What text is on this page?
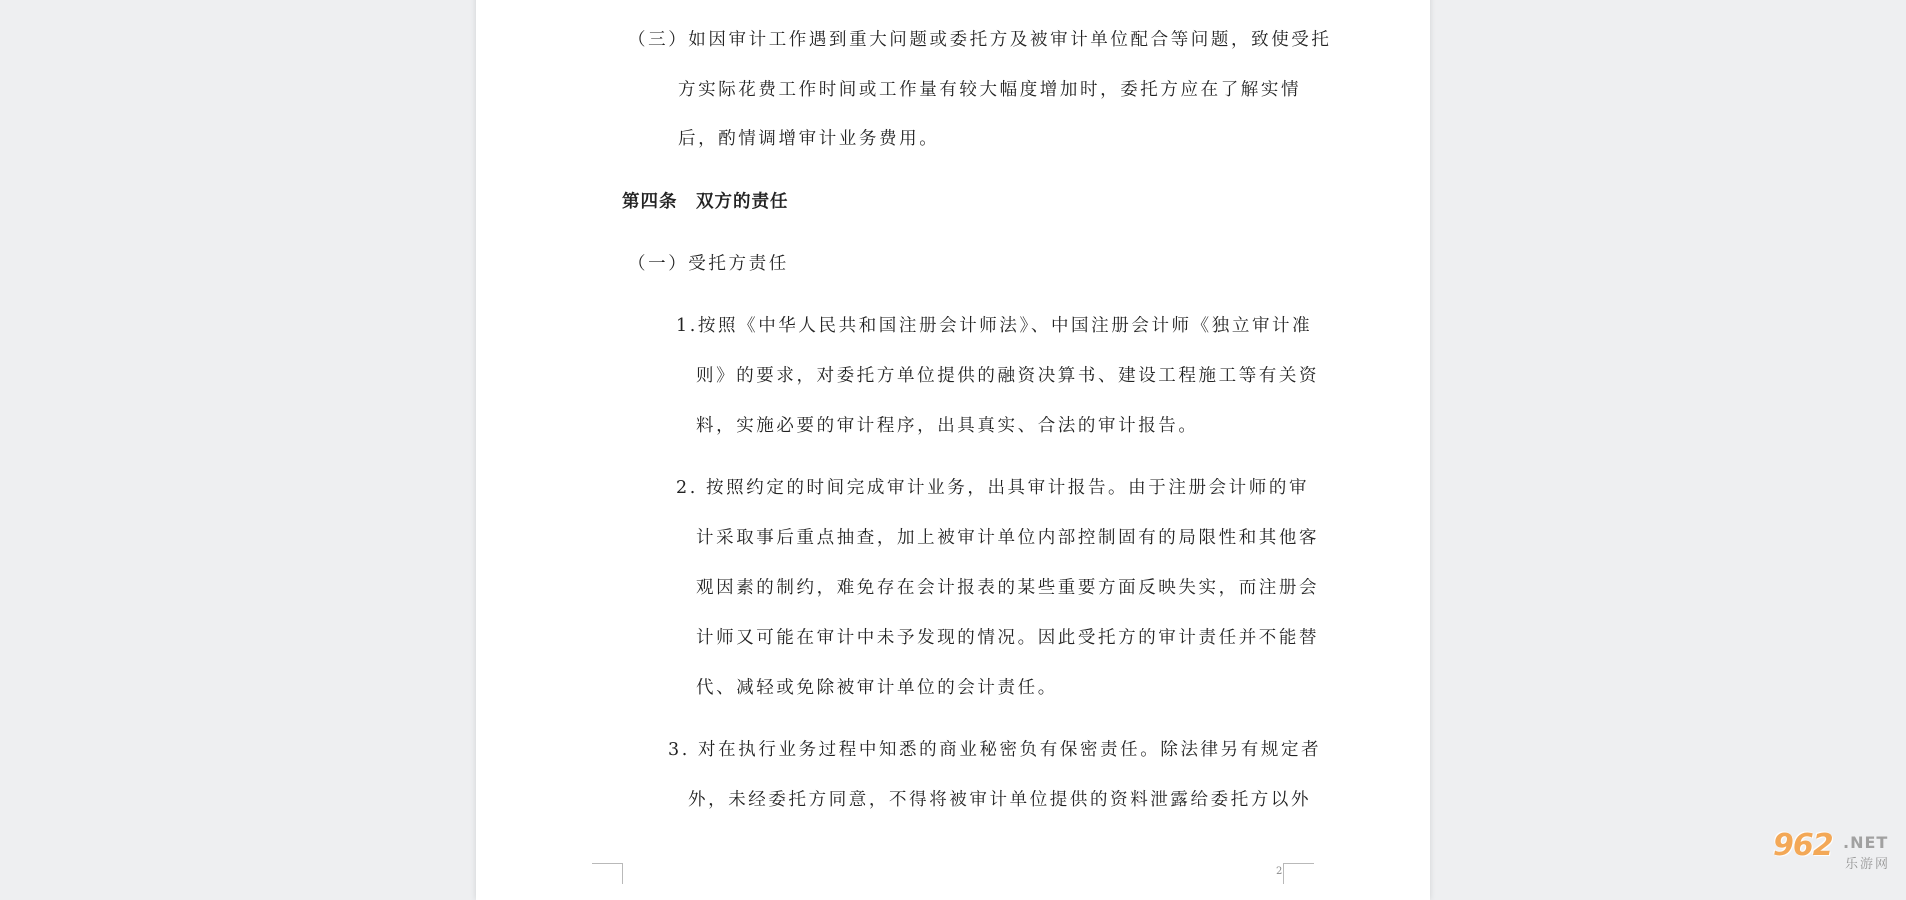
（三）如因审计工作遇到重大问题或委托方及被审计单位配合等问题，致使受托
方实际花费工作时间或工作量有较大幅度增加时，委托方应在了解实情
后，酌情调增审计业务费用。
第四条　双方的责任
（一）受托方责任
1.按照《中华人民共和国注册会计师法》、中国注册会计师《独立审计准
则》的要求，对委托方单位提供的融资决算书、建设工程施工等有关资
料，实施必要的审计程序，出具真实、合法的审计报告。
2. 按照约定的时间完成审计业务，出具审计报告。由于注册会计师的审
计采取事后重点抽查，加上被审计单位内部控制固有的局限性和其他客
观因素的制约，难免存在会计报表的某些重要方面反映失实，而注册会
计师又可能在审计中未予发现的情况。因此受托方的审计责任并不能替
代、减轻或免除被审计单位的会计责任。
3. 对在执行业务过程中知悉的商业秘密负有保密责任。除法律另有规定者
外，未经委托方同意，不得将被审计单位提供的资料泄露给委托方以外
2
962 .NET
乐游网
